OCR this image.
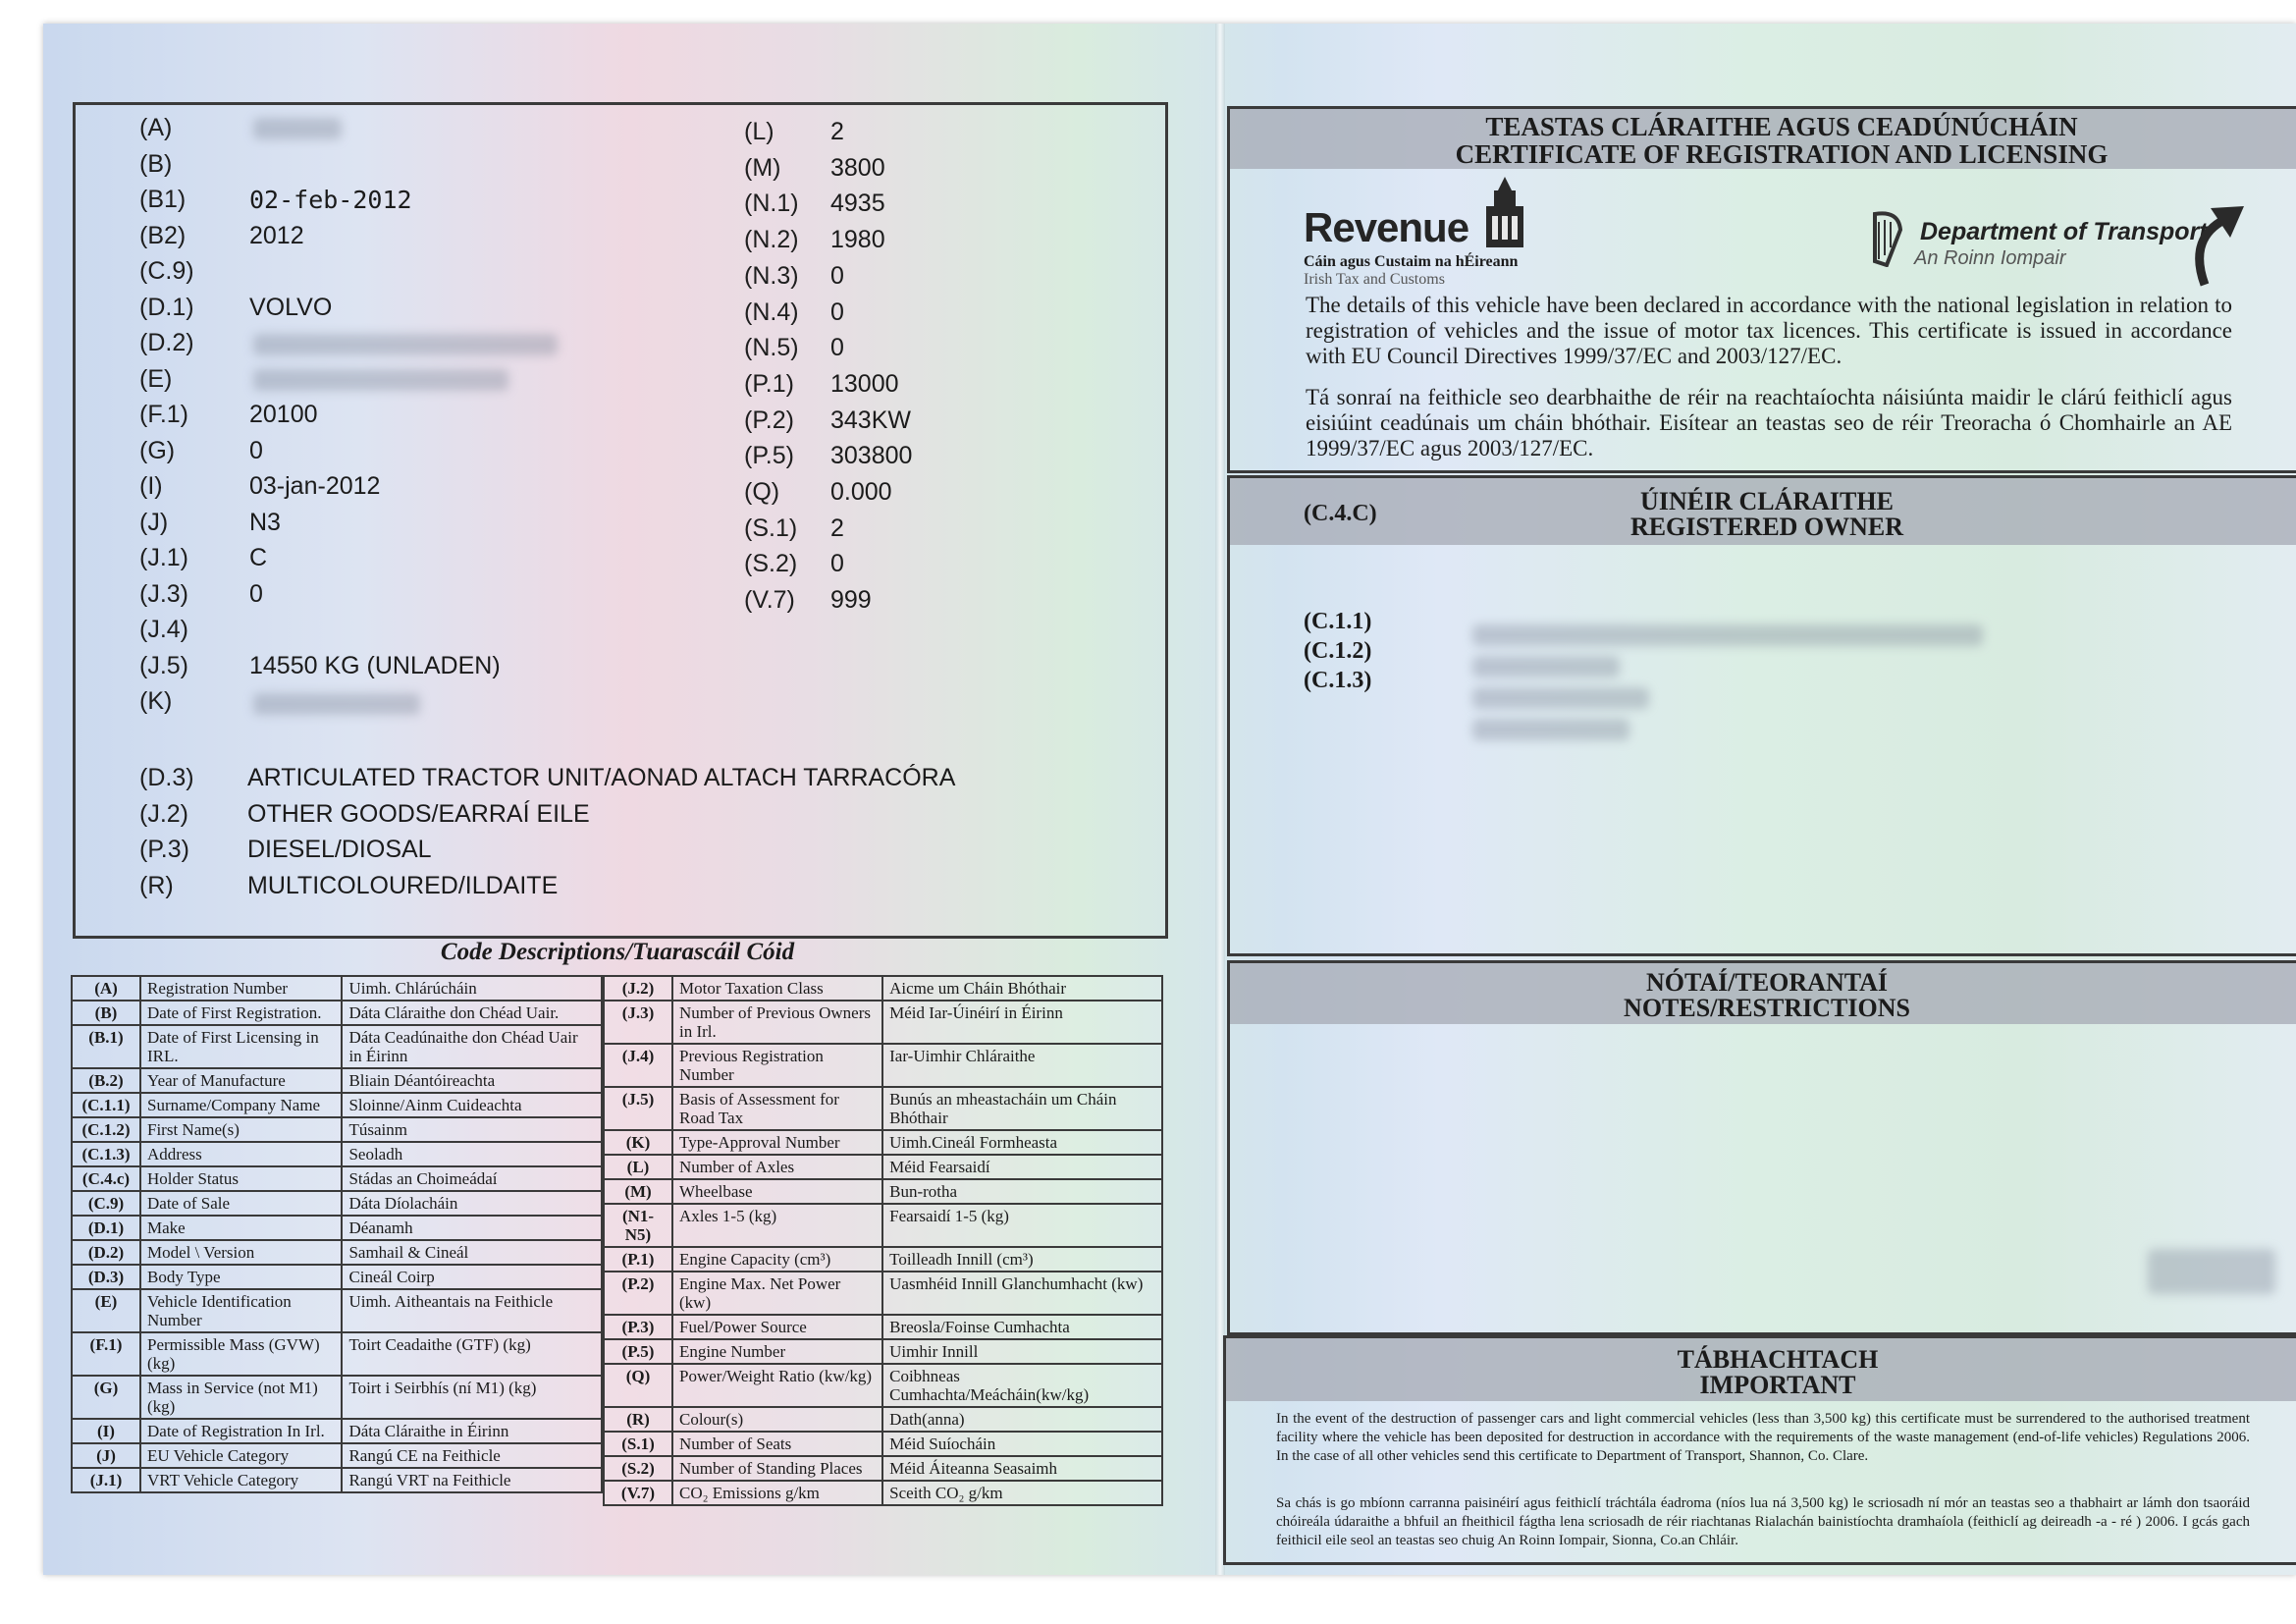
(A)
(B)
(B1)	02-feb-2012
(B2)	2012
(C.9)
(D.1) VOLVO
(D.2)
(E)
(F.1) 20100
(G)	0
(I)	03-jan-2012
(J)	N3
(J.1) C
(J.3) 0
(J.4)
(J.5) 14550 KG (UNLADEN)
(K)
(L) 2
(M) 3800
(N.1) 4935
(N.2) 1980
(N.3) 0
(N.4) 0
(N.5) 0
(P.1) 13000
(P.2) 343KW
(P.5) 303800
(Q) 0.000
(S.1) 2
(S.2) 0
(V.7) 999
(D.3) ARTICULATED TRACTOR UNIT/AONAD ALTACH TARRACÓRA
(J.2) OTHER GOODS/EARRAÍ EILE
(P.3) DIESEL/DIOSAL
(R)	MULTICOLOURED/ILDAITE
Code Descriptions/Tuarascáil Cóid
(A)	Registration Number	Uimh. Chlárúcháin
(B)	Date of First Registration.	Dáta Cláraithe don Chéad Uair.
(B.1)	Date of First Licensing in IRL.	Dáta Ceadúnaithe don Chéad Uair in Éirinn
(B.2)	Year of Manufacture	Bliain Déantóireachta
(C.1.1)	Surname/Company Name	Sloinne/Ainm Cuideachta
(C.1.2)	First Name(s)	Túsainm
(C.1.3)	Address	Seoladh
(C.4.c)	Holder Status	Stádas an Choimeádaí
(C.9)	Date of Sale	Dáta Díolacháin
(D.1)	Make	Déanamh
(D.2)	Model \ Version	Samhail & Cineál
(D.3)	Body Type	Cineál Coirp
(E)	Vehicle Identification Number	Uimh. Aitheantais na Feithicle
(F.1)	Permissible Mass (GVW) (kg)	Toirt Ceadaithe (GTF) (kg)
(G)	Mass in Service (not M1) (kg)	Toirt i Seirbhís (ní M1) (kg)
(I)	Date of Registration In Irl.	Dáta Cláraithe in Éirinn
(J)	EU Vehicle Category	Rangú CE na Feithicle
(J.1)	VRT Vehicle Category	Rangú VRT na Feithicle
(J.2)	Motor Taxation Class	Aicme um Cháin Bhóthair
(J.3)	Number of Previous Owners in Irl.	Méid Iar-Úinéirí in Éirinn
(J.4)	Previous Registration Number	Iar-Uimhir Chláraithe
(J.5)	Basis of Assessment for Road Tax	Bunús an mheastacháin um Cháin Bhóthair
(K)	Type-Approval Number	Uimh.Cineál Formheasta
(L)	Number of Axles	Méid Fearsaidí
(M)	Wheelbase	Bun-rotha
(N1-N5)	Axles 1-5 (kg)	Fearsaidí 1-5 (kg)
(P.1)	Engine Capacity (cm³)	Toilleadh Innill (cm³)
(P.2)	Engine Max. Net Power (kw)	Uasmhéid Innill Glanchumhacht (kw)
(P.3)	Fuel/Power Source	Breosla/Foinse Cumhachta
(P.5)	Engine Number	Uimhir Innill
(Q)	Power/Weight Ratio (kw/kg)	Coibhneas Cumhachta/Meácháin(kw/kg)
(R)	Colour(s)	Dath(anna)
(S.1)	Number of Seats	Méid Suíocháin
(S.2)	Number of Standing Places	Méid Áiteanna Seasaimh
(V.7)	CO₂ Emissions g/km	Sceith CO₂ g/km
TEASTAS CLÁRAITHE AGUS CEADÚNÚCHÁIN
CERTIFICATE OF REGISTRATION AND LICENSING
Revenue
Cáin agus Custaim na hÉireann
Irish Tax and Customs
Department of Transport
An Roinn Iompair
The details of this vehicle have been declared in accordance with the national legislation in relation to registration of vehicles and the issue of motor tax licences. This certificate is issued in accordance with EU Council Directives 1999/37/EC and 2003/127/EC.
Tá sonraí na feithicle seo dearbhaithe de réir na reachtaíochta náisiúnta maidir le clárú feithiclí agus eisiúint ceadúnais um cháin bhóthair. Eisítear an teastas seo de réir Treoracha ó Chomhairle an AE 1999/37/EC agus 2003/127/EC.
(C.4.C)	ÚINÉIR CLÁRAITHE
REGISTERED OWNER
(C.1.1)
(C.1.2)
(C.1.3)
NÓTAÍ/TEORANTAÍ
NOTES/RESTRICTIONS
TÁBHACHTACH
IMPORTANT
In the event of the destruction of passenger cars and light commercial vehicles (less than 3,500 kg) this certificate must be surrendered to the authorised treatment facility where the vehicle has been deposited for destruction in accordance with the requirements of the waste management (end-of-life vehicles) Regulations 2006. In the case of all other vehicles send this certificate to Department of Transport, Shannon, Co. Clare.
Sa chás is go mbíonn carranna paisinéirí agus feithiclí tráchtála éadroma (níos lua ná 3,500 kg) le scriosadh ní mór an teastas seo a thabhairt ar lámh don tsaoráid chóireála údaraithe a bhfuil an fheithicil fágtha lena scriosadh de réir riachtanas Rialachán bainistíochta dramhaíola (feithiclí ag deireadh -a - ré ) 2006. I gcás gach feithicil eile seol an teastas seo chuig An Roinn Iompair, Sionna, Co.an Chláir.
